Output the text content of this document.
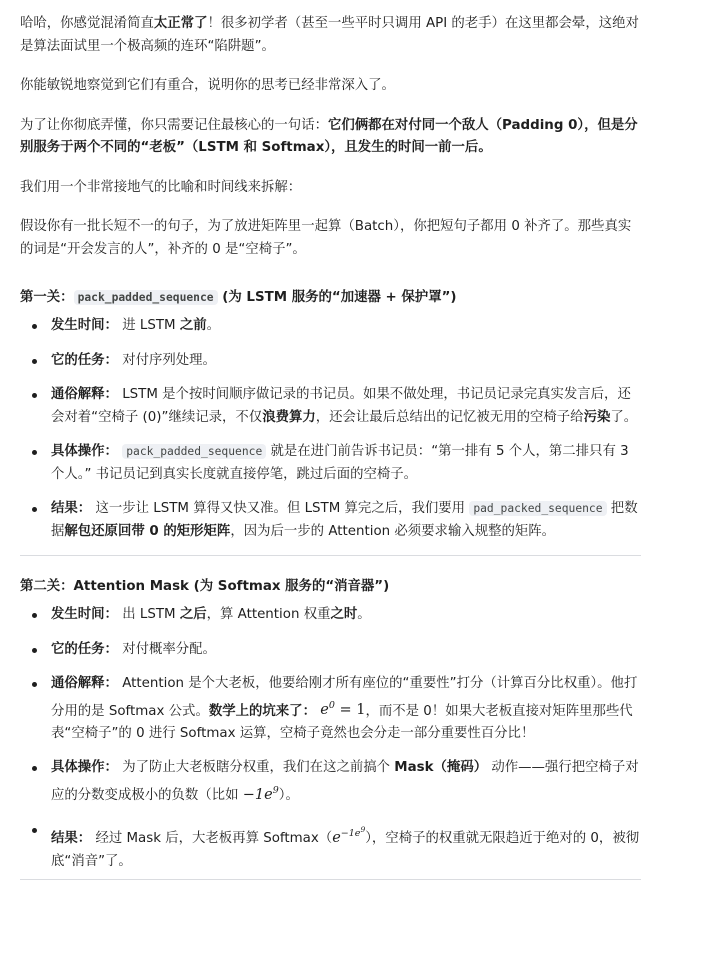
哈哈，你感觉混淆简直太正常了！很多初学者（甚至一些平时只调用 API 的老手）在这里都会晕，这绝对是算法面试里一个极高频的连环“陷阱题”。

你能敏锐地察觉到它们有重合，说明你的思考已经非常深入了。

为了让你彻底弄懂，你只需要记住最核心的一句话：它们俩都在对付同一个敌人（Padding 0），但是分别服务于两个不同的“老板”（LSTM 和 Softmax），且发生的时间一前一后。

我们用一个非常接地气的比喻和时间线来拆解：

假设你有一批长短不一的句子，为了放进矩阵里一起算（Batch），你把短句子都用 0 补齐了。那些真实的词是“开会发言的人”，补齐的 0 是“空椅子”。

第一关： pack_padded_sequence (为 LSTM 服务的“加速器 + 保护罩”)
发生时间： 进 LSTM 之前。
它的任务： 对付序列处理。
通俗解释： LSTM 是个按时间顺序做记录的书记员。如果不做处理，书记员记录完真实发言后，还会对着“空椅子 (0)”继续记录，不仅浪费算力，还会让最后总结出的记忆被无用的空椅子给污染了。
具体操作： pack_padded_sequence 就是在进门前告诉书记员：“第一排有 5 个人，第二排只有 3 个人。” 书记员记到真实长度就直接停笔，跳过后面的空椅子。
结果： 这一步让 LSTM 算得又快又准。但 LSTM 算完之后，我们要用 pad_packed_sequence 把数据解包还原回带 0 的矩形矩阵，因为后一步的 Attention 必须要求输入规整的矩阵。
第二关：Attention Mask (为 Softmax 服务的“消音器”)
发生时间： 出 LSTM 之后，算 Attention 权重之时。
它的任务： 对付概率分配。
通俗解释： Attention 是个大老板，他要给刚才所有座位的“重要性”打分（计算百分比权重）。他打分用的是 Softmax 公式。数学上的坑来了： $e^0 = 1$，而不是 0！如果大老板直接对矩阵里那些代表“空椅子”的 0 进行 Softmax 运算，空椅子竟然也会分走一部分重要性百分比！
具体操作： 为了防止大老板瞎分权重，我们在这之前搞个 Mask（掩码） 动作——强行把空椅子对应的分数变成极小的负数（比如 $-1e^9$）。
结果： 经过 Mask 后，大老板再算 $Softmax(e^{-1e^9})$，空椅子的权重就无限趋近于绝对的 0，被彻底“消音”了。
